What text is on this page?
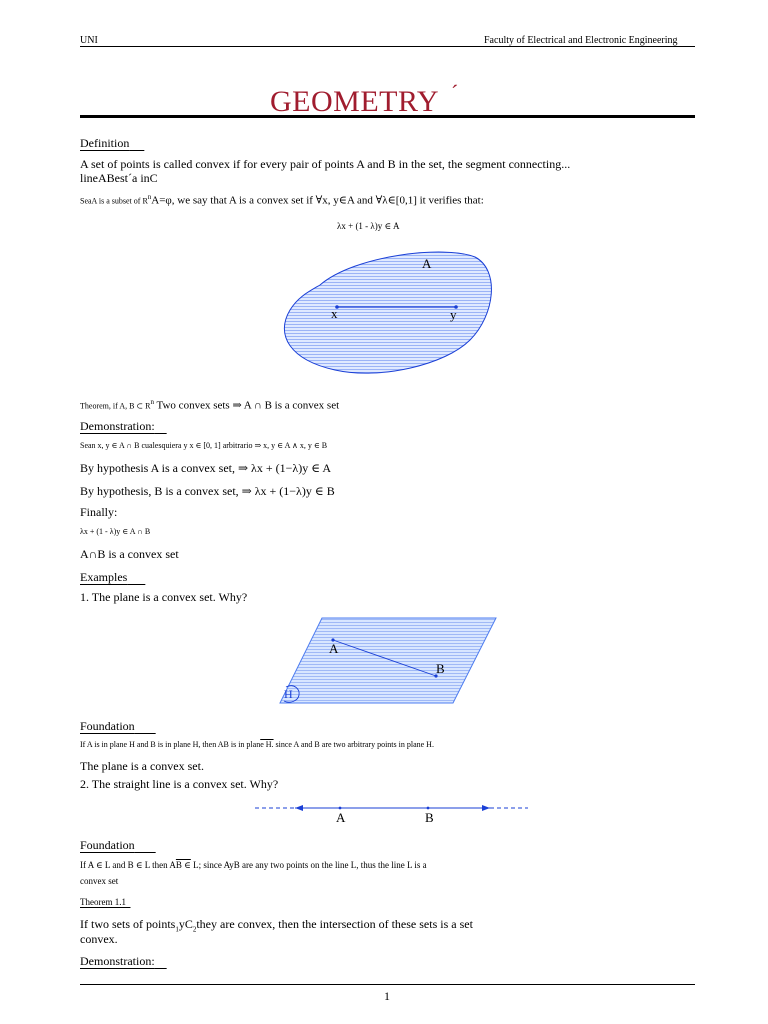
UNI	Faculty of Electrical and Electronic Engineering
GEOMETRY ´
Definition
A set of points is called convex if for every pair of points A and B in the set, the segment connecting...
lineABest´a inC
SeaA is a subset of $R^nA=\varphi$, we say that A is a convex set if ∀x, y∈A and ∀λ∈[0,1] it verifies that:
λx + (1 - λ)y ∈ A
A
x	y
Theorem, if A, B ⊂ $R^n$ Two convex sets ⇒ A ∩ B is a convex set
Demonstration:
Sean x, y ∈ A ∩ B cualesquiera y x ∈ [0, 1] arbitrario ⇒ x, y ∈ A ∧ x, y ∈ B
By hypothesis A is a convex set, ⇒ λx + (1−λ)y ∈ A
By hypothesis, B is a convex set, ⇒ λx + (1−λ)y ∈ B
Finally:
λx + (1 - λ)y ∈ A ∩ B
A∩B is a convex set
Examples
1. The plane is a convex set. Why?
A
B
H
Foundation
If A is in plane H and B is in plane H, then AB is in plane H. since A and B are two arbitrary points in plane H.
The plane is a convex set.
2. The straight line is a convex set. Why?
A	B
Foundation
If A ∈ L and B ∈ L then AB ∈ L; since AyB are any two points on the line L, thus the line L is a
convex set
Theorem 1.1
If two sets of $points_1yC_2they$ are convex, then the intersection of these sets is a set
convex.
Demonstration:
1
